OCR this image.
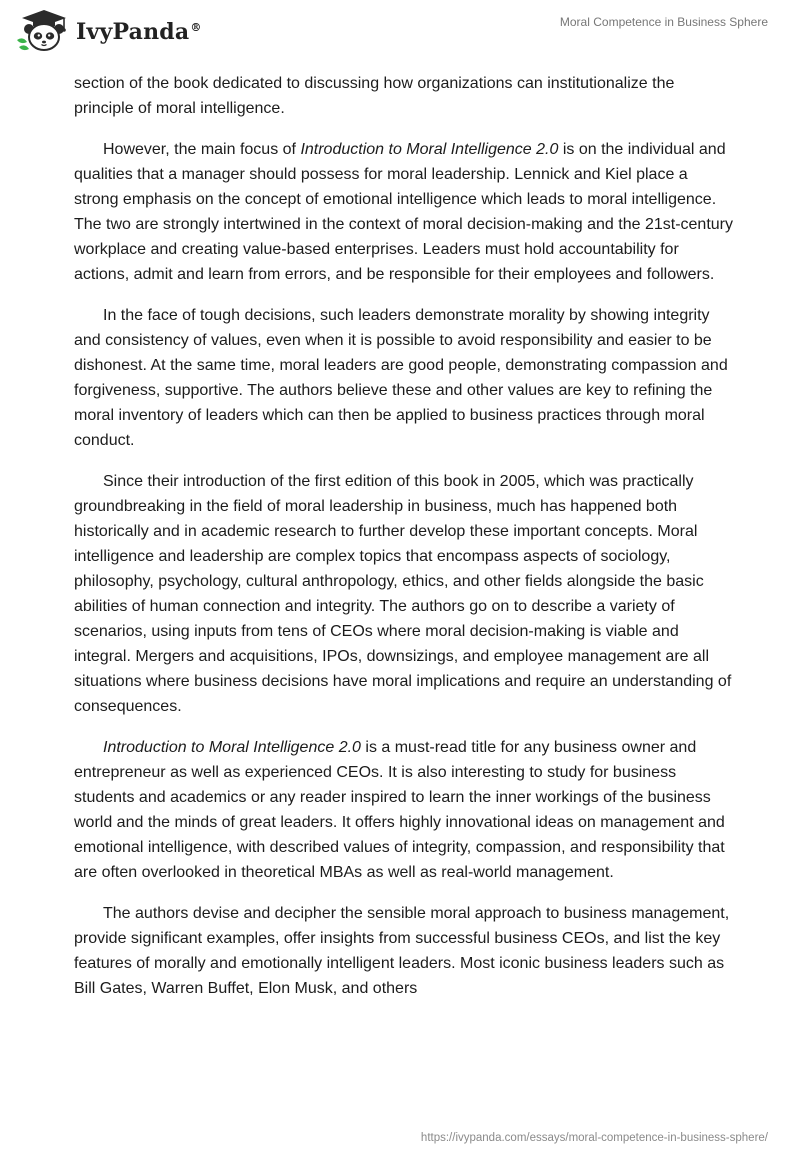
IvyPanda®	Moral Competence in Business Sphere

section of the book dedicated to discussing how organizations can institutionalize the principle of moral intelligence.

However, the main focus of Introduction to Moral Intelligence 2.0 is on the individual and qualities that a manager should possess for moral leadership. Lennick and Kiel place a strong emphasis on the concept of emotional intelligence which leads to moral intelligence. The two are strongly intertwined in the context of moral decision-making and the 21st-century workplace and creating value-based enterprises. Leaders must hold accountability for actions, admit and learn from errors, and be responsible for their employees and followers.

In the face of tough decisions, such leaders demonstrate morality by showing integrity and consistency of values, even when it is possible to avoid responsibility and easier to be dishonest. At the same time, moral leaders are good people, demonstrating compassion and forgiveness, supportive. The authors believe these and other values are key to refining the moral inventory of leaders which can then be applied to business practices through moral conduct.

Since their introduction of the first edition of this book in 2005, which was practically groundbreaking in the field of moral leadership in business, much has happened both historically and in academic research to further develop these important concepts. Moral intelligence and leadership are complex topics that encompass aspects of sociology, philosophy, psychology, cultural anthropology, ethics, and other fields alongside the basic abilities of human connection and integrity. The authors go on to describe a variety of scenarios, using inputs from tens of CEOs where moral decision-making is viable and integral. Mergers and acquisitions, IPOs, downsizings, and employee management are all situations where business decisions have moral implications and require an understanding of consequences.

Introduction to Moral Intelligence 2.0 is a must-read title for any business owner and entrepreneur as well as experienced CEOs. It is also interesting to study for business students and academics or any reader inspired to learn the inner workings of the business world and the minds of great leaders. It offers highly innovational ideas on management and emotional intelligence, with described values of integrity, compassion, and responsibility that are often overlooked in theoretical MBAs as well as real-world management.

The authors devise and decipher the sensible moral approach to business management, provide significant examples, offer insights from successful business CEOs, and list the key features of morally and emotionally intelligent leaders. Most iconic business leaders such as Bill Gates, Warren Buffet, Elon Musk, and others

https://ivypanda.com/essays/moral-competence-in-business-sphere/
